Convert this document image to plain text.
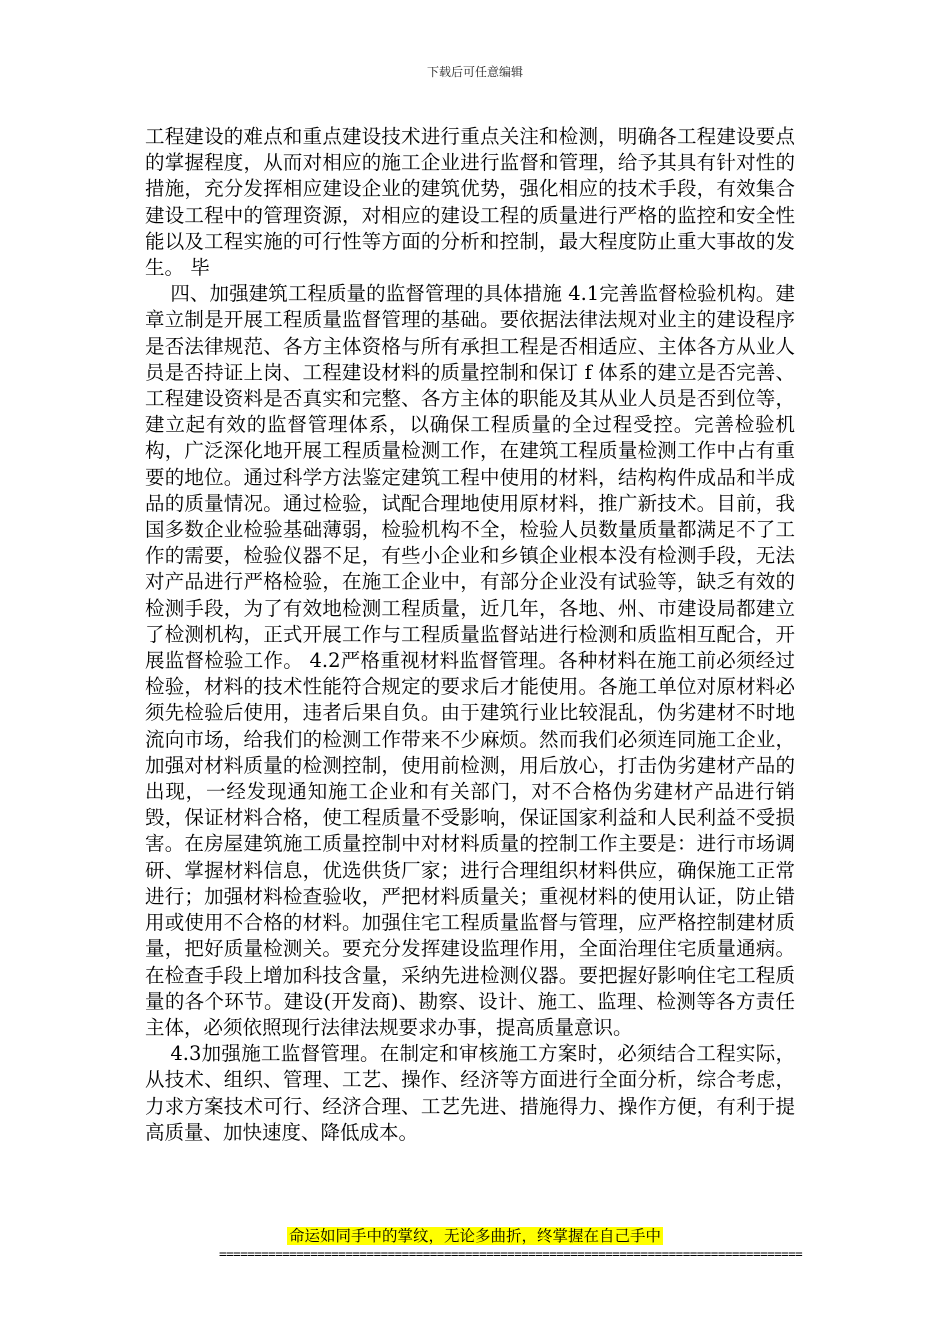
下载后可任意编辑

工程建设的难点和重点建设技术进行重点关注和检测，明确各工程建设要点的掌握程度，从而对相应的施工企业进行监督和管理，给予其具有针对性的措施，充分发挥相应建设企业的建筑优势，强化相应的技术手段，有效集合建设工程中的管理资源，对相应的建设工程的质量进行严格的监控和安全性能以及工程实施的可行性等方面的分析和控制，最大程度防止重大事故的发生。 毕

四、加强建筑工程质量的监督管理的具体措施 4.1完善监督检验机构。建章立制是开展工程质量监督管理的基础。要依据法律法规对业主的建设程序是否法律规范、各方主体资格与所有承担工程是否相适应、主体各方从业人员是否持证上岗、工程建设材料的质量控制和保订 f 体系的建立是否完善、工程建设资料是否真实和完整、各方主体的职能及其从业人员是否到位等，建立起有效的监督管理体系，以确保工程质量的全过程受控。完善检验机构，广泛深化地开展工程质量检测工作，在建筑工程质量检测工作中占有重要的地位。通过科学方法鉴定建筑工程中使用的材料，结构构件成品和半成品的质量情况。通过检验，试配合理地使用原材料，推广新技术。目前，我国多数企业检验基础薄弱，检验机构不全，检验人员数量质量都满足不了工作的需要，检验仪器不足，有些小企业和乡镇企业根本没有检测手段，无法对产品进行严格检验，在施工企业中，有部分企业没有试验等，缺乏有效的检测手段，为了有效地检测工程质量，近几年，各地、州、市建设局都建立了检测机构，正式开展工作与工程质量监督站进行检测和质监相互配合，开展监督检验工作。 4.2严格重视材料监督管理。各种材料在施工前必须经过检验，材料的技术性能符合规定的要求后才能使用。各施工单位对原材料必须先检验后使用，违者后果自负。由于建筑行业比较混乱，伪劣建材不时地流向市场，给我们的检测工作带来不少麻烦。然而我们必须连同施工企业，加强对材料质量的检测控制，使用前检测，用后放心，打击伪劣建材产品的出现，一经发现通知施工企业和有关部门，对不合格伪劣建材产品进行销毁，保证材料合格，使工程质量不受影响，保证国家利益和人民利益不受损害。在房屋建筑施工质量控制中对材料质量的控制工作主要是：进行市场调研、掌握材料信息，优选供货厂家；进行合理组织材料供应，确保施工正常进行；加强材料检查验收，严把材料质量关；重视材料的使用认证，防止错用或使用不合格的材料。加强住宅工程质量监督与管理，应严格控制建材质量，把好质量检测关。要充分发挥建设监理作用，全面治理住宅质量通病。在检查手段上增加科技含量，采纳先进检测仪器。要把握好影响住宅工程质量的各个环节。建设(开发商)、勘察、设计、施工、监理、检测等各方责任主体，必须依照现行法律法规要求办事，提高质量意识。

4.3加强施工监督管理。在制定和审核施工方案时，必须结合工程实际，从技术、组织、管理、工艺、操作、经济等方面进行全面分析，综合考虑，力求方案技术可行、经济合理、工艺先进、措施得力、操作方便，有利于提高质量、加快速度、降低成本。

命运如同手中的掌纹，无论多曲折，终掌握在自己手中
===================================================================================
